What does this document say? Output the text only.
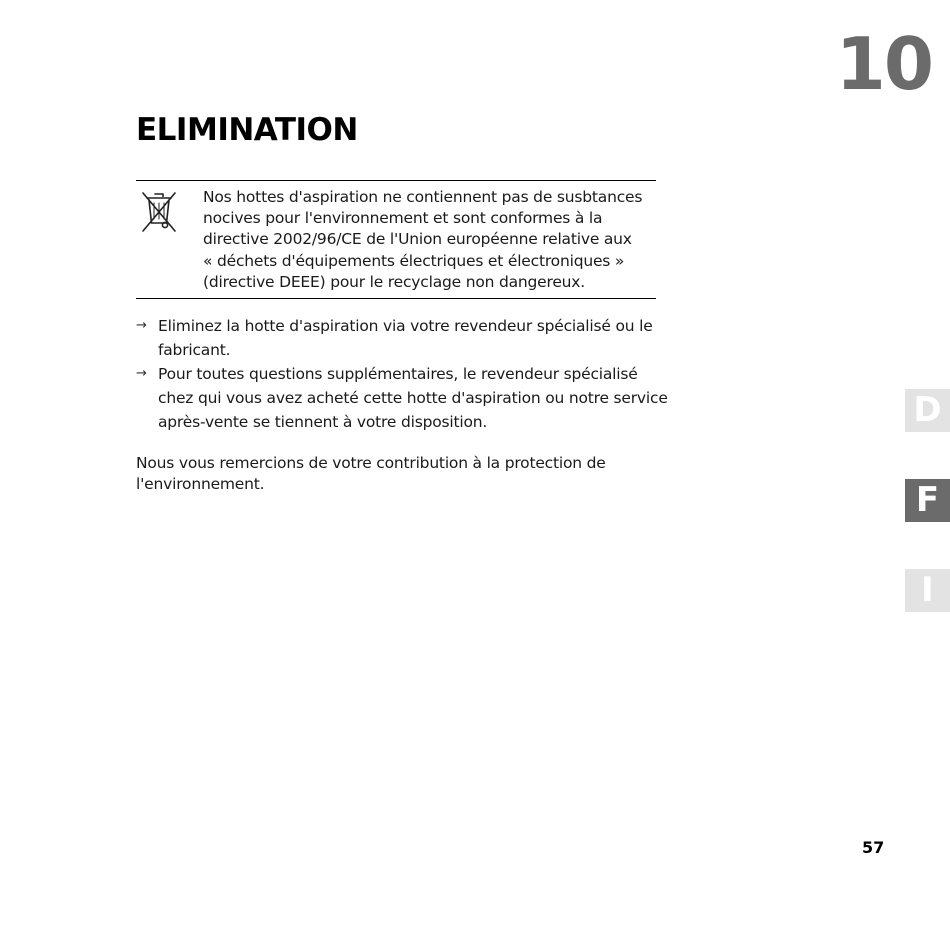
10
ELIMINATION

Nos hottes d'aspiration ne contiennent pas de susbtances
nocives pour l'environnement et sont conformes à la
directive 2002/96/CE de l'Union européenne relative aux
« déchets d'équipements électriques et électroniques »
(directive DEEE) pour le recyclage non dangereux.

→ Eliminez la hotte d'aspiration via votre revendeur spécialisé ou le
fabricant.
→ Pour toutes questions supplémentaires, le revendeur spécialisé
chez qui vous avez acheté cette hotte d'aspiration ou notre service
après-vente se tiennent à votre disposition.

Nous vous remercions de votre contribution à la protection de
l'environnement.

D
F
I
57
